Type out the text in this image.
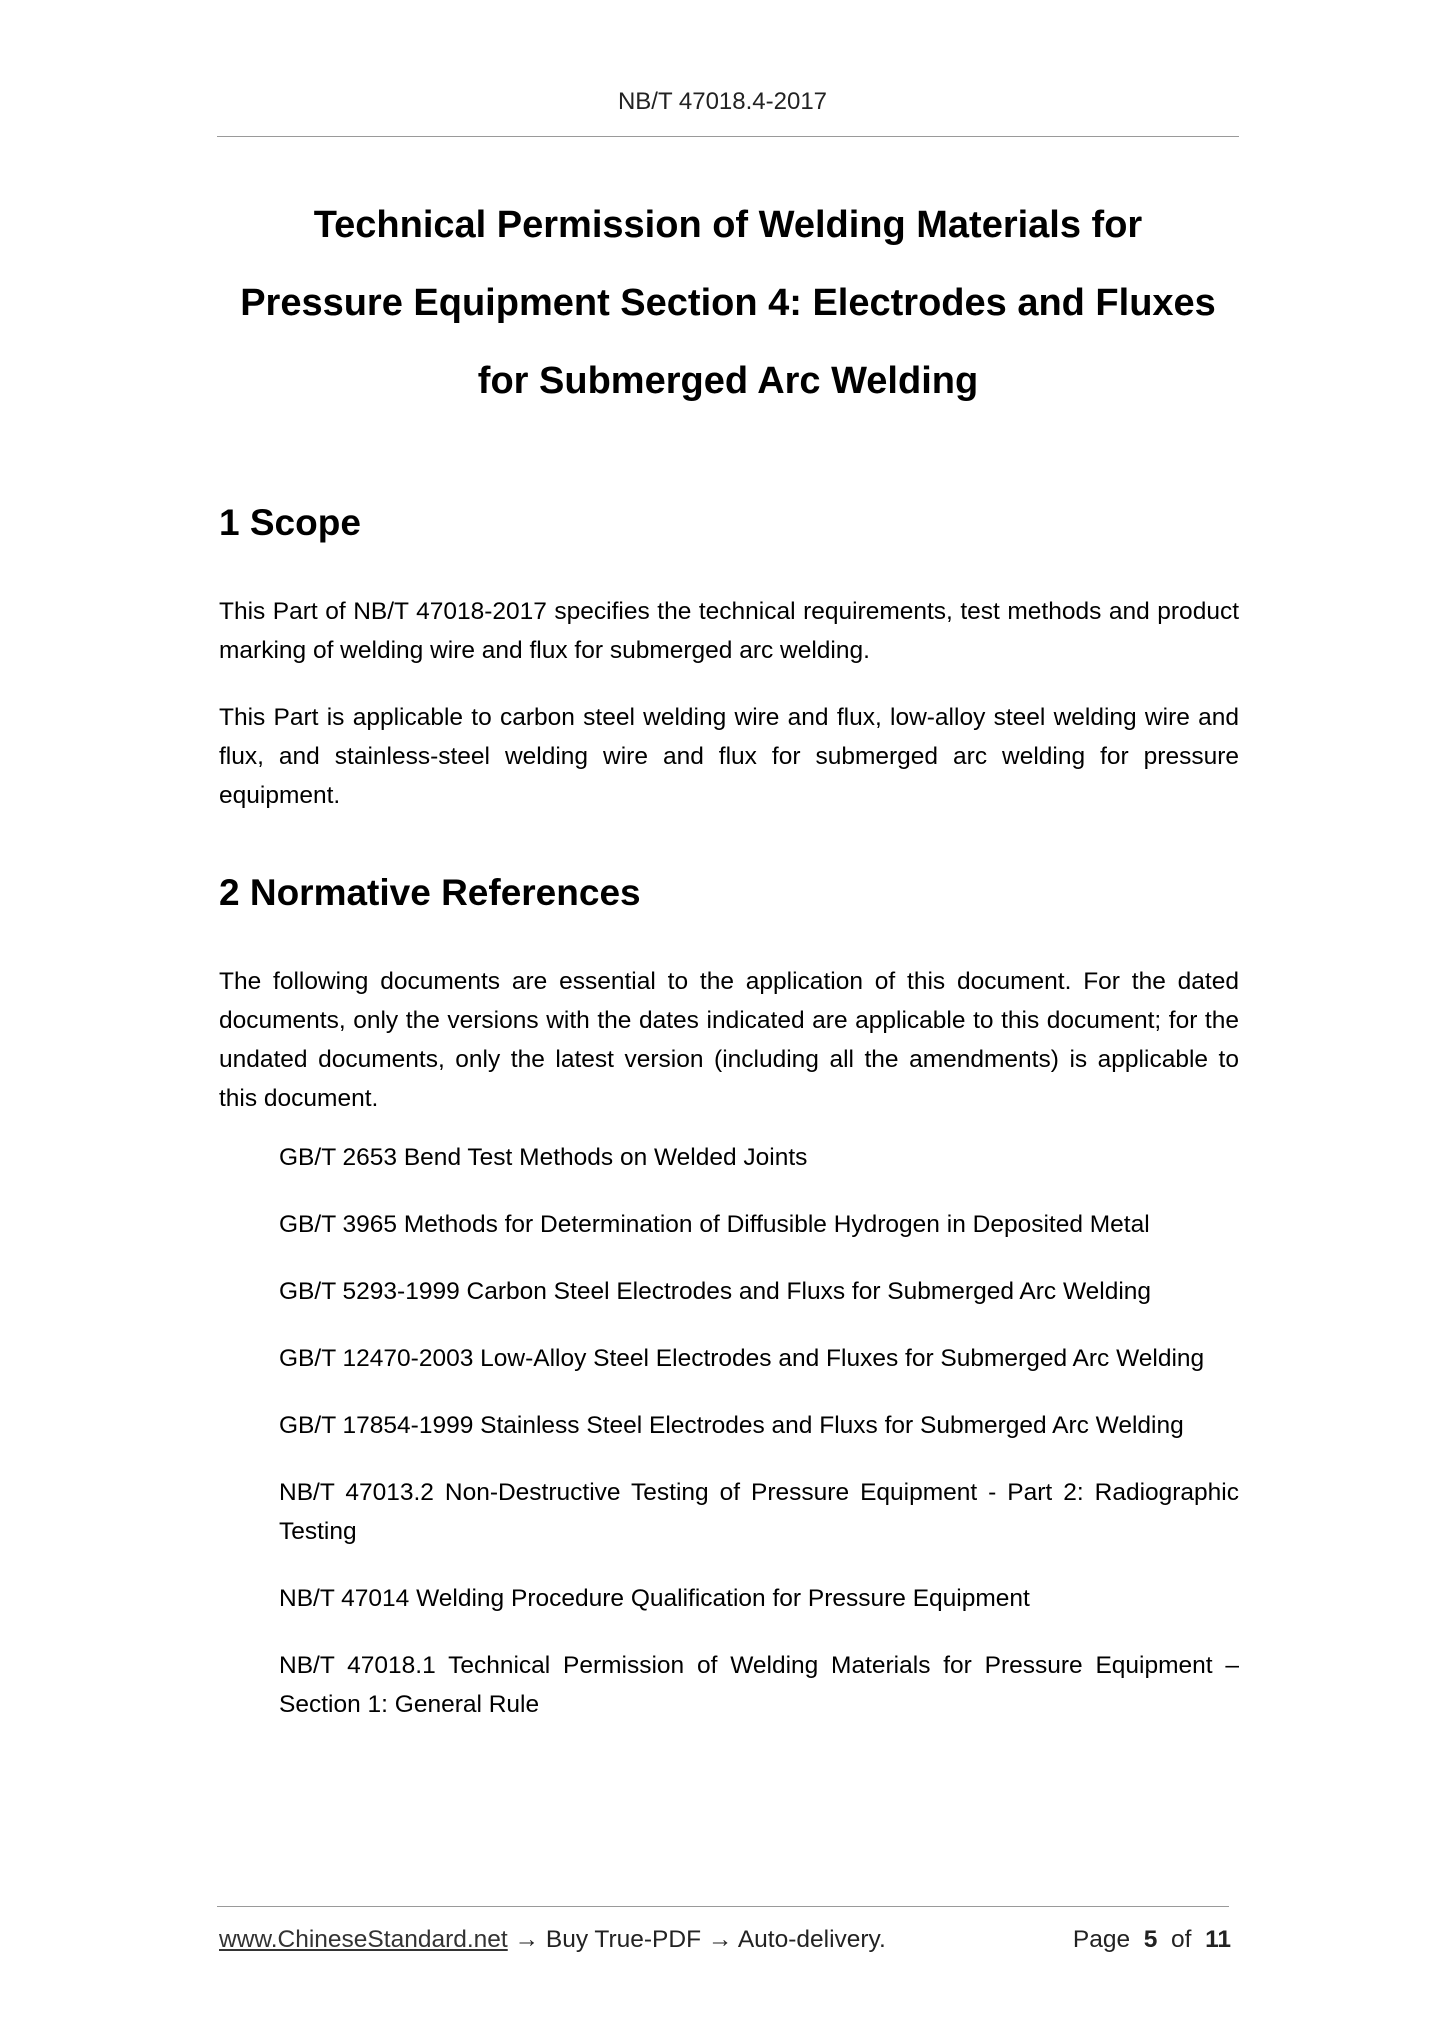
NB/T 47018.4-2017
Technical Permission of Welding Materials for
Pressure Equipment Section 4: Electrodes and Fluxes
for Submerged Arc Welding
1 Scope

This Part of NB/T 47018-2017 specifies the technical requirements, test methods and product marking of welding wire and flux for submerged arc welding.

This Part is applicable to carbon steel welding wire and flux, low-alloy steel welding wire and flux, and stainless-steel welding wire and flux for submerged arc welding for pressure equipment.

2 Normative References

The following documents are essential to the application of this document. For the dated documents, only the versions with the dates indicated are applicable to this document; for the undated documents, only the latest version (including all the amendments) is applicable to this document.

GB/T 2653 Bend Test Methods on Welded Joints
GB/T 3965 Methods for Determination of Diffusible Hydrogen in Deposited Metal
GB/T 5293-1999 Carbon Steel Electrodes and Fluxs for Submerged Arc Welding
GB/T 12470-2003 Low-Alloy Steel Electrodes and Fluxes for Submerged Arc Welding
GB/T 17854-1999 Stainless Steel Electrodes and Fluxs for Submerged Arc Welding
NB/T 47013.2 Non-Destructive Testing of Pressure Equipment - Part 2: Radiographic Testing
NB/T 47014 Welding Procedure Qualification for Pressure Equipment
NB/T 47018.1 Technical Permission of Welding Materials for Pressure Equipment – Section 1: General Rule
www.ChineseStandard.net → Buy True-PDF → Auto-delivery.	Page 5 of 11
